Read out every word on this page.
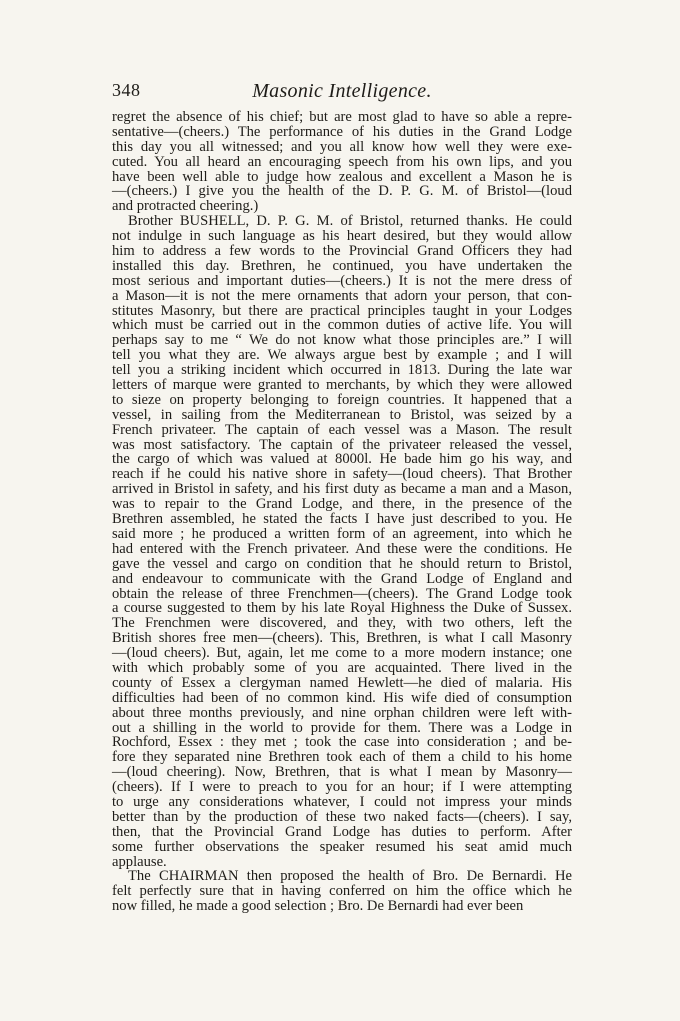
348	Masonic Intelligence.
regret the absence of his chief; but are most glad to have so able a repre-
sentative—(cheers.) The performance of his duties in the Grand Lodge
this day you all witnessed; and you all know how well they were exe-
cuted. You all heard an encouraging speech from his own lips, and you
have been well able to judge how zealous and excellent a Mason he is
—(cheers.) I give you the health of the D. P. G. M. of Bristol—(loud
and protracted cheering.)
Brother BUSHELL, D. P. G. M. of Bristol, returned thanks. He could
not indulge in such language as his heart desired, but they would allow
him to address a few words to the Provincial Grand Officers they had
installed this day. Brethren, he continued, you have undertaken the
most serious and important duties—(cheers.) It is not the mere dress of
a Mason—it is not the mere ornaments that adorn your person, that con-
stitutes Masonry, but there are practical principles taught in your Lodges
which must be carried out in the common duties of active life. You will
perhaps say to me “ We do not know what those principles are.” I will
tell you what they are. We always argue best by example ; and I will
tell you a striking incident which occurred in 1813. During the late war
letters of marque were granted to merchants, by which they were allowed
to sieze on property belonging to foreign countries. It happened that a
vessel, in sailing from the Mediterranean to Bristol, was seized by a
French privateer. The captain of each vessel was a Mason. The result
was most satisfactory. The captain of the privateer released the vessel,
the cargo of which was valued at 8000l. He bade him go his way, and
reach if he could his native shore in safety—(loud cheers). That Brother
arrived in Bristol in safety, and his first duty as became a man and a Mason,
was to repair to the Grand Lodge, and there, in the presence of the
Brethren assembled, he stated the facts I have just described to you. He
said more ; he produced a written form of an agreement, into which he
had entered with the French privateer. And these were the conditions. He
gave the vessel and cargo on condition that he should return to Bristol,
and endeavour to communicate with the Grand Lodge of England and
obtain the release of three Frenchmen—(cheers). The Grand Lodge took
a course suggested to them by his late Royal Highness the Duke of Sussex.
The Frenchmen were discovered, and they, with two others, left the
British shores free men—(cheers). This, Brethren, is what I call Masonry
—(loud cheers). But, again, let me come to a more modern instance; one
with which probably some of you are acquainted. There lived in the
county of Essex a clergyman named Hewlett—he died of malaria. His
difficulties had been of no common kind. His wife died of consumption
about three months previously, and nine orphan children were left with-
out a shilling in the world to provide for them. There was a Lodge in
Rochford, Essex : they met ; took the case into consideration ; and be-
fore they separated nine Brethren took each of them a child to his home
—(loud cheering). Now, Brethren, that is what I mean by Masonry—
(cheers). If I were to preach to you for an hour; if I were attempting
to urge any considerations whatever, I could not impress your minds
better than by the production of these two naked facts—(cheers). I say,
then, that the Provincial Grand Lodge has duties to perform. After
some further observations the speaker resumed his seat amid much
applause.
The CHAIRMAN then proposed the health of Bro. De Bernardi. He
felt perfectly sure that in having conferred on him the office which he
now filled, he made a good selection ; Bro. De Bernardi had ever been
